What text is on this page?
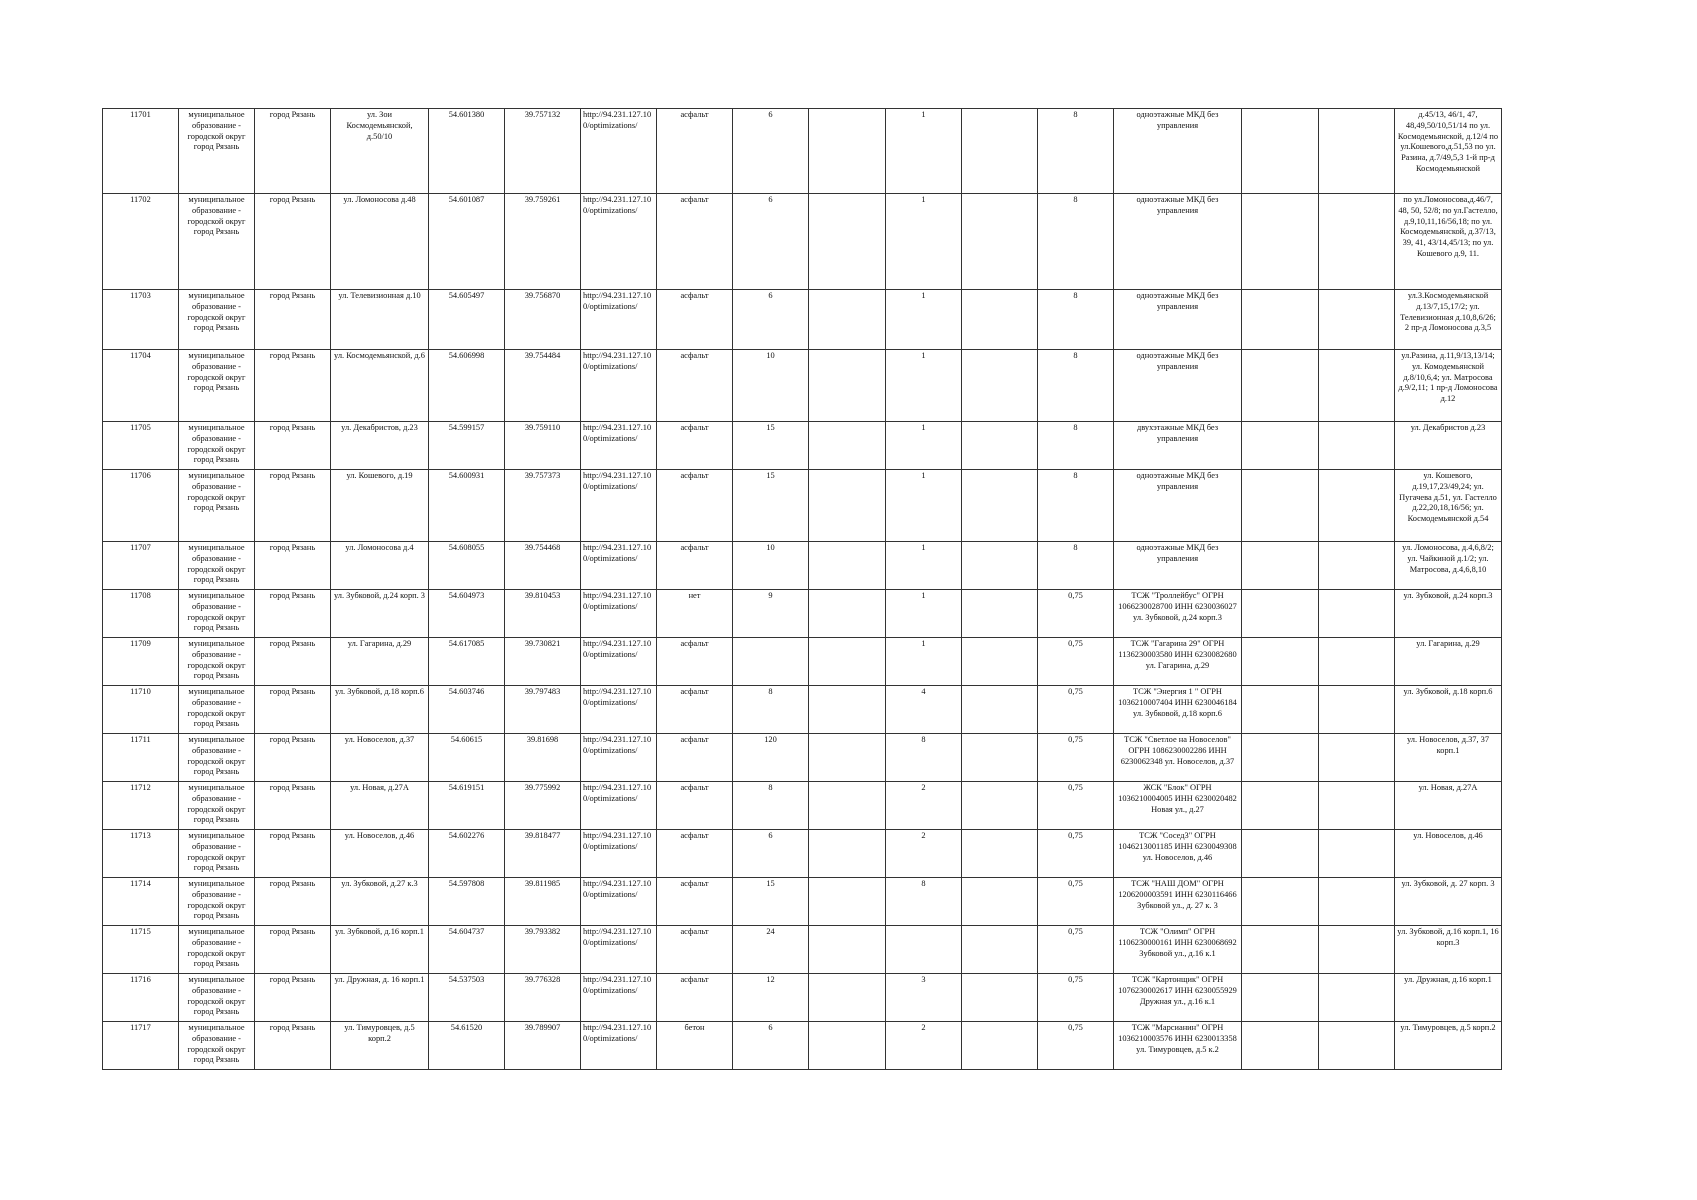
11701	муниципальное образование - городской округ город Рязань	город Рязань	ул. Зои Космодемьянской, д.50/10	54.601380	39.757132	http://94.231.127.100/optimizations/	асфальт	6		1		8	одноэтажные МКД без управления			д.45/13, 46/1, 47, 48,49,50/10,51/14 по ул. Космодемьянской, д.12/4 по ул.Кошевого,д.51,53 по ул. Разина, д.7/49,5,3 1-й пр-д Космодемьянской
11702	муниципальное образование - городской округ город Рязань	город Рязань	ул. Ломоносова д.48	54.601087	39.759261	http://94.231.127.100/optimizations/	асфальт	6		1		8	одноэтажные МКД без управления			по ул.Ломоносова,д.46/7, 48, 50, 52/8; по ул.Гастелло, д.9,10,11,16/56,18; по ул. Космодемьянской, д.37/13, 39, 41, 43/14,45/13; по ул. Кошевого д.9, 11.
11703	муниципальное образование - городской округ город Рязань	город Рязань	ул. Телевизионная д.10	54.605497	39.756870	http://94.231.127.100/optimizations/	асфальт	6		1		8	одноэтажные МКД без управления			ул.З.Космодемьянской д.13/7,15,17/2; ул. Телевизионная д.10,8,6/26; 2 пр-д Ломоносова д.3,5
11704	муниципальное образование - городской округ город Рязань	город Рязань	ул. Космодемьянской, д.6	54.606998	39.754484	http://94.231.127.100/optimizations/	асфальт	10		1		8	одноэтажные МКД без управления			ул.Разина, д.11,9/13,13/14; ул. Комодемьянской д.8/10,6,4; ул. Матросова д.9/2,11; 1 пр-д Ломоносова д.12
11705	муниципальное образование - городской округ город Рязань	город Рязань	ул. Декабристов, д.23	54.599157	39.759110	http://94.231.127.100/optimizations/	асфальт	15		1		8	двухэтажные МКД без управления			ул. Декабристов д.23
11706	муниципальное образование - городской округ город Рязань	город Рязань	ул. Кошевого, д.19	54.600931	39.757373	http://94.231.127.100/optimizations/	асфальт	15		1		8	одноэтажные МКД без управления			ул. Кошевого, д.19,17,23/49,24; ул. Пугачева д.51, ул. Гастелло д.22,20,18,16/56; ул. Космодемьянской д.54
11707	муниципальное образование - городской округ город Рязань	город Рязань	ул. Ломоносова д.4	54.608055	39.754468	http://94.231.127.100/optimizations/	асфальт	10		1		8	одноэтажные МКД без управления			ул. Ломоносова, д.4,6,8/2; ул. Чайкиной д.1/2; ул. Матросова, д.4,6,8,10
11708	муниципальное образование - городской округ город Рязань	город Рязань	ул. Зубковой, д.24 корп. 3	54.604973	39.810453	http://94.231.127.100/optimizations/	нет	9		1		0,75	ТСЖ "Троллейбус" ОГРН 1066230028700 ИНН 6230036027 ул. Зубковой, д.24 корп.3			ул. Зубковой, д.24 корп.3
11709	муниципальное образование - городской округ город Рязань	город Рязань	ул. Гагарина, д.29	54.617085	39.730821	http://94.231.127.100/optimizations/	асфальт			1		0,75	ТСЖ "Гагарина 29" ОГРН 1136230003580 ИНН 6230082680 ул. Гагарина, д.29			ул. Гагарина, д.29
11710	муниципальное образование - городской округ город Рязань	город Рязань	ул. Зубковой, д.18 корп.6	54.603746	39.797483	http://94.231.127.100/optimizations/	асфальт	8		4		0,75	ТСЖ "Энергия 1 " ОГРН 1036210007404 ИНН 6230046184 ул. Зубковой, д.18 корп.6			ул. Зубковой, д.18 корп.6
11711	муниципальное образование - городской округ город Рязань	город Рязань	ул. Новоселов, д.37	54.60615	39.81698	http://94.231.127.100/optimizations/	асфальт	120		8		0,75	ТСЖ "Светлое на Новоселов" ОГРН 1086230002286 ИНН 6230062348 ул. Новоселов, д.37			ул. Новоселов, д.37, 37 корп.1
11712	муниципальное образование - городской округ город Рязань	город Рязань	ул. Новая, д.27А	54.619151	39.775992	http://94.231.127.100/optimizations/	асфальт	8		2		0,75	ЖСК "Блок" ОГРН 1036210004005 ИНН 6230020482 Новая ул., д.27			ул. Новая, д.27А
11713	муниципальное образование - городской округ город Рязань	город Рязань	ул. Новоселов, д.46	54.602276	39.818477	http://94.231.127.100/optimizations/	асфальт	6		2		0,75	ТСЖ "Сосед3" ОГРН 1046213001185 ИНН 6230049308 ул. Новоселов, д.46			ул. Новоселов, д.46
11714	муниципальное образование - городской округ город Рязань	город Рязань	ул. Зубковой, д.27 к.3	54.597808	39.811985	http://94.231.127.100/optimizations/	асфальт	15		8		0,75	ТСЖ "НАШ ДОМ" ОГРН 1206200003591 ИНН 6230116466 Зубковой ул., д. 27 к. 3			ул. Зубковой, д. 27 корп. 3
11715	муниципальное образование - городской округ город Рязань	город Рязань	ул. Зубковой, д.16 корп.1	54.604737	39.793382	http://94.231.127.100/optimizations/	асфальт	24				0,75	ТСЖ "Олимп" ОГРН 1106230000161 ИНН 6230068692 Зубковой ул., д.16 к.1			ул. Зубковой, д.16 корп.1, 16 корп.3
11716	муниципальное образование - городской округ город Рязань	город Рязань	ул. Дружная, д. 16 корп.1	54.537503	39.776328	http://94.231.127.100/optimizations/	асфальт	12		3		0,75	ТСЖ "Картонщик" ОГРН 1076230002617 ИНН 6230055929 Дружная ул., д.16 к.1			ул. Дружная, д.16 корп.1
11717	муниципальное образование - городской округ город Рязань	город Рязань	ул. Тимуровцев, д.5 корп.2	54.61520	39.789907	http://94.231.127.100/optimizations/	бетон	6		2		0,75	ТСЖ "Марсианин" ОГРН 1036210003576 ИНН 6230013358 ул. Тимуровцев, д.5 к.2			ул. Тимуровцев, д.5 корп.2
